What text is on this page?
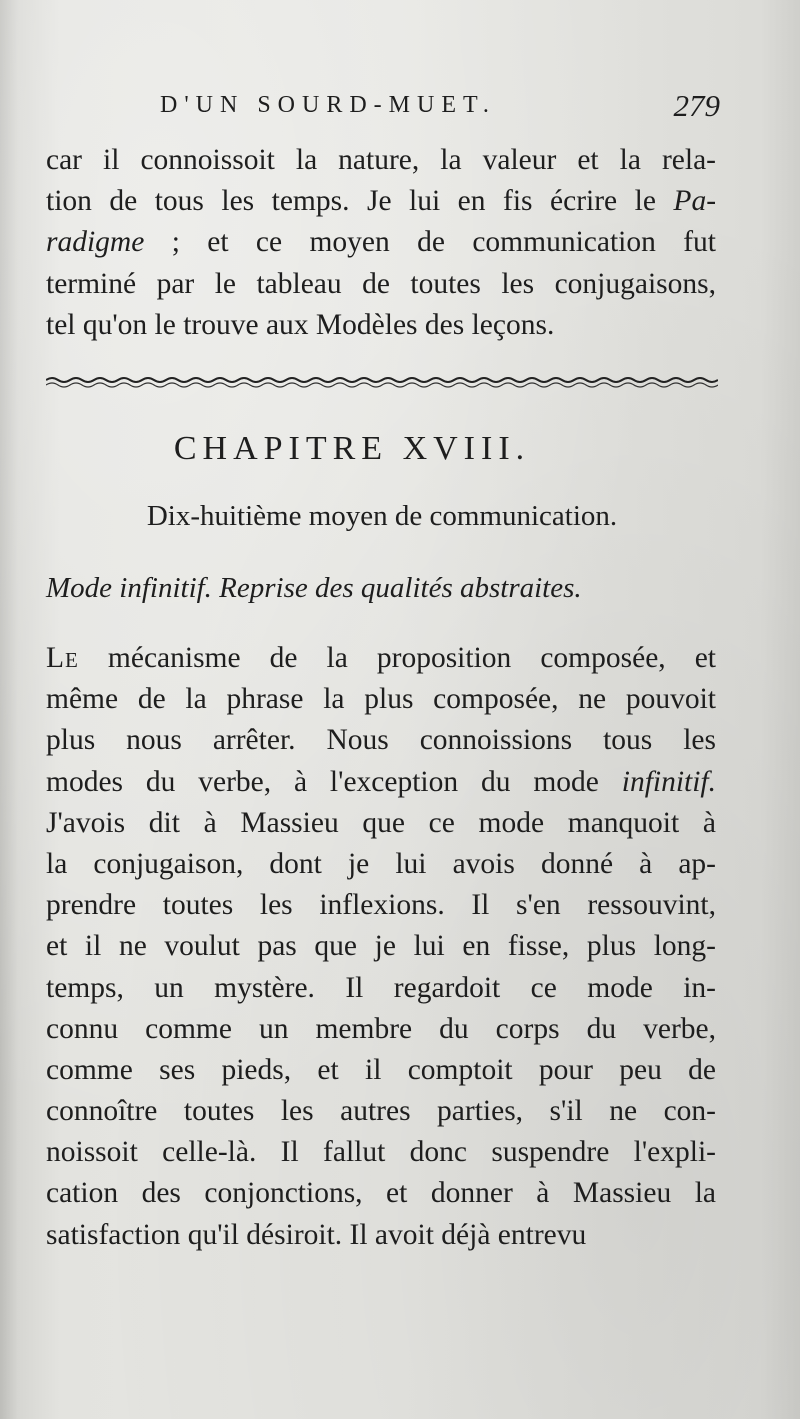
D'UN SOURD-MUET.	279
car il connoissoit la nature, la valeur et la rela-
tion de tous les temps. Je lui en fis écrire le Pa-
radigme ; et ce moyen de communication fut
terminé par le tableau de toutes les conjugaisons,
tel qu'on le trouve aux Modèles des leçons.
CHAPITRE XVIII.
Dix-huitième moyen de communication.
Mode infinitif. Reprise des qualités abstraites.
Le mécanisme de la proposition composée, et
même de la phrase la plus composée, ne pouvoit
plus nous arrêter. Nous connoissions tous les
modes du verbe, à l'exception du mode infinitif.
J'avois dit à Massieu que ce mode manquoit à
la conjugaison, dont je lui avois donné à ap-
prendre toutes les inflexions. Il s'en ressouvint,
et il ne voulut pas que je lui en fisse, plus long-
temps, un mystère. Il regardoit ce mode in-
connu comme un membre du corps du verbe,
comme ses pieds, et il comptoit pour peu de
connoître toutes les autres parties, s'il ne con-
noissoit celle-là. Il fallut donc suspendre l'expli-
cation des conjonctions, et donner à Massieu la
satisfaction qu'il désiroit. Il avoit déjà entrevu
